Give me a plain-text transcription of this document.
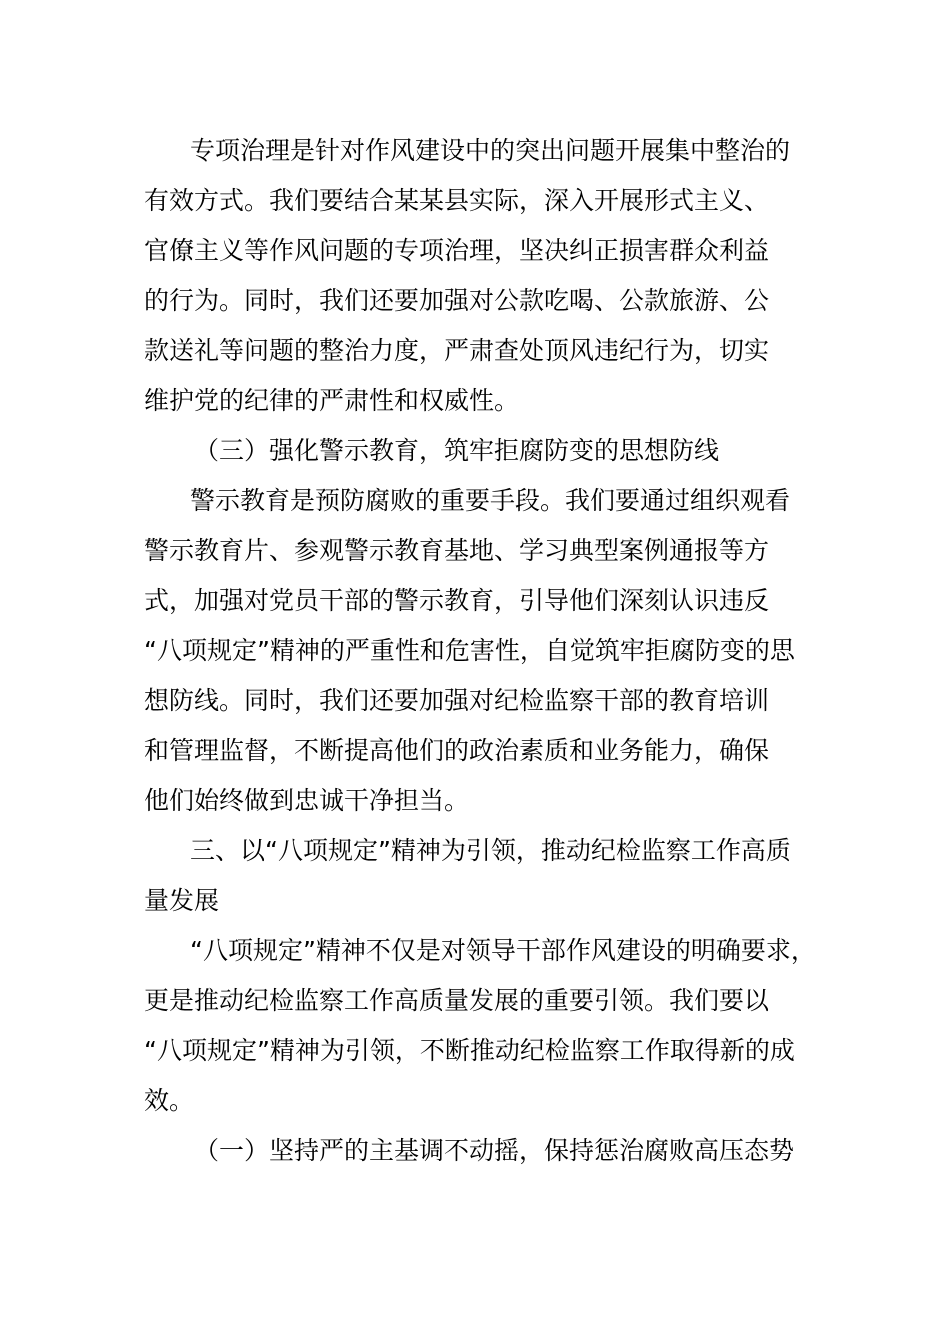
专项治理是针对作风建设中的突出问题开展集中整治的
有效方式。我们要结合某某县实际，深入开展形式主义、
官僚主义等作风问题的专项治理，坚决纠正损害群众利益
的行为。同时，我们还要加强对公款吃喝、公款旅游、公
款送礼等问题的整治力度，严肃查处顶风违纪行为，切实
维护党的纪律的严肃性和权威性。
（三）强化警示教育，筑牢拒腐防变的思想防线
警示教育是预防腐败的重要手段。我们要通过组织观看
警示教育片、参观警示教育基地、学习典型案例通报等方
式，加强对党员干部的警示教育，引导他们深刻认识违反
“八项规定”精神的严重性和危害性，自觉筑牢拒腐防变的思
想防线。同时，我们还要加强对纪检监察干部的教育培训
和管理监督，不断提高他们的政治素质和业务能力，确保
他们始终做到忠诚干净担当。
三、以“八项规定”精神为引领，推动纪检监察工作高质
量发展
“八项规定”精神不仅是对领导干部作风建设的明确要求，
更是推动纪检监察工作高质量发展的重要引领。我们要以
“八项规定”精神为引领，不断推动纪检监察工作取得新的成
效。
（一）坚持严的主基调不动摇，保持惩治腐败高压态势
